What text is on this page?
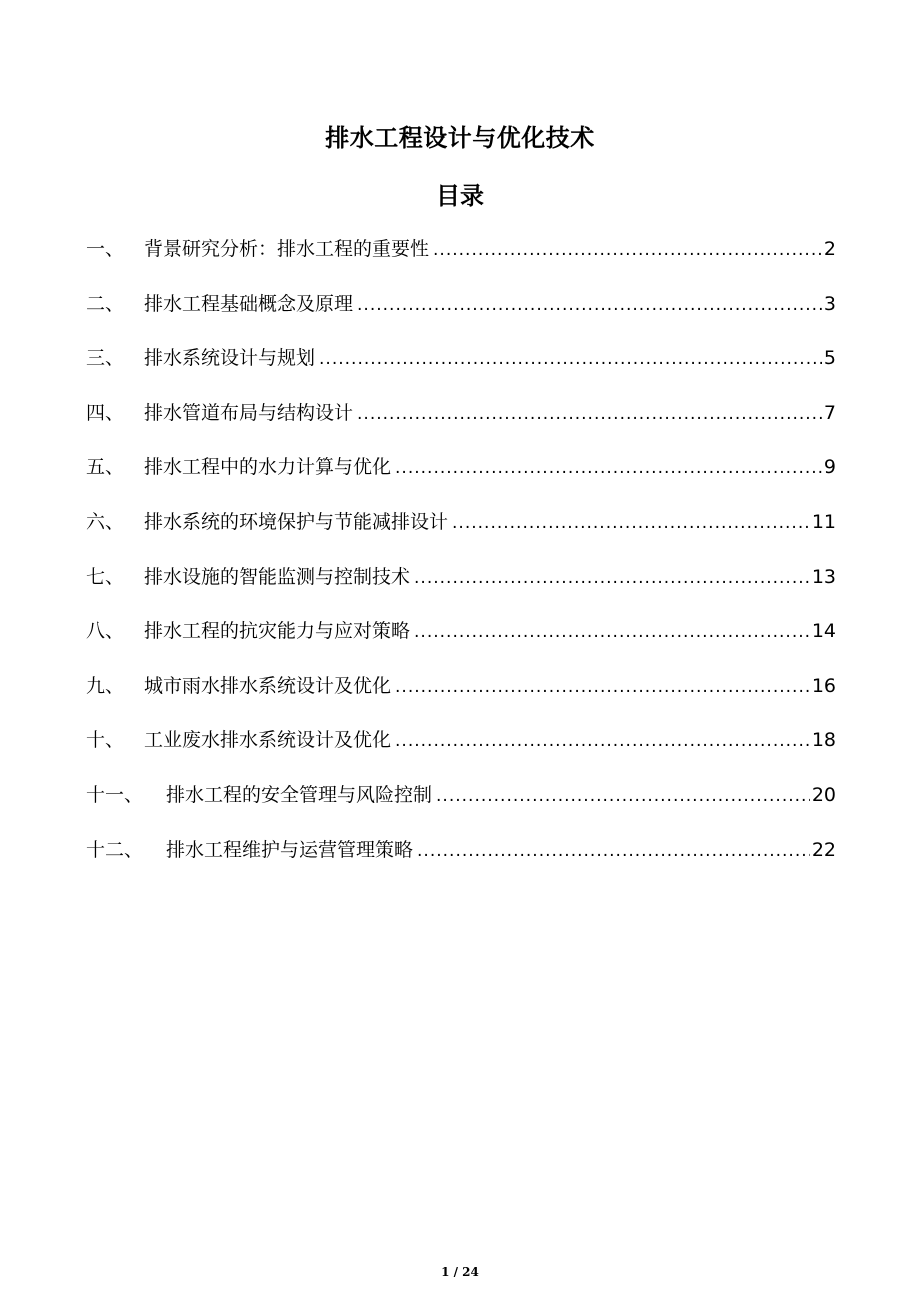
排水工程设计与优化技术
目录
一、	背景研究分析：排水工程的重要性 .....	2
二、	排水工程基础概念及原理 .....	3
三、	排水系统设计与规划 .....	5
四、	排水管道布局与结构设计 .....	7
五、	排水工程中的水力计算与优化 .....	9
六、	排水系统的环境保护与节能减排设计 .....	11
七、	排水设施的智能监测与控制技术 .....	13
八、	排水工程的抗灾能力与应对策略 .....	14
九、	城市雨水排水系统设计及优化 .....	16
十、	工业废水排水系统设计及优化 .....	18
十一、	排水工程的安全管理与风险控制 .....	20
十二、	排水工程维护与运营管理策略 .....	22
1 / 24
